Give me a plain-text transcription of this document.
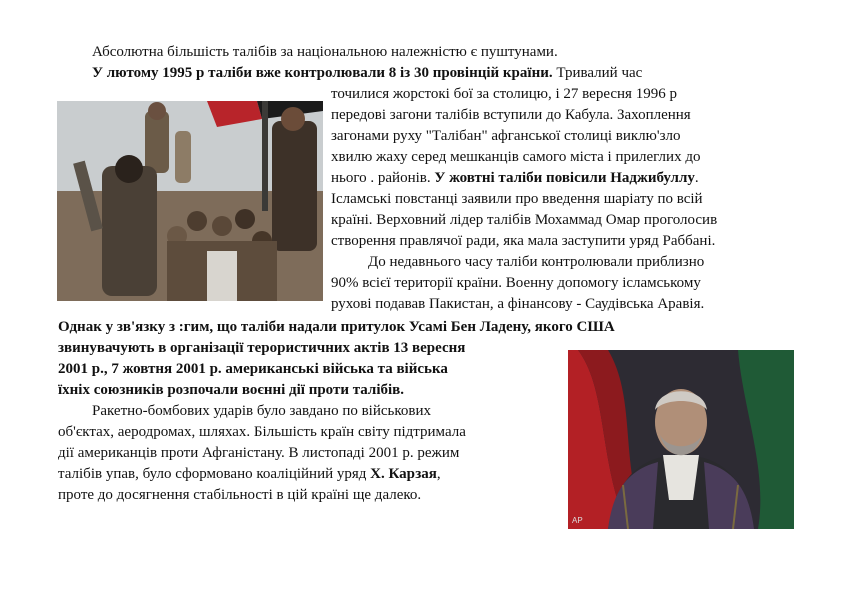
AP
Абсолютна більшість талібів за національною належністю є пуштунами.
У лютому 1995 р таліби вже контролювали 8 із 30 провінцій країни. Тривалий час
точилися жорстокі бої за столицю, і 27 вересня 1996 р
передові загони талібів вступили до Кабула. Захоплення
загонами руху "Талібан" афганської столиці виклю'зло
хвилю жаху серед мешканців самого міста і прилеглих до
нього . районів. У жовтні таліби повісили Наджибуллу.
Ісламські повстанці заявили про введення шаріату по всій
країні. Верховний лідер талібів Мохаммад Омар проголосив
створення правлячої ради, яка мала заступити уряд Раббані.
До недавнього часу таліби контролювали приблизно
90% всієї території країни. Военну допомогу ісламському
рухові подавав Пакистан, а фінансову - Саудівська Аравія.
Однак у зв'язку з :гим, що таліби надали притулок Усамі Бен Ладену, якого США
звинувачують в організації терористичних актів 13 вересня
2001 р., 7 жовтня 2001 р. американські війська та війська
їхніх союзників розпочали воєнні дії проти талібів.
Ракетно-бомбових ударів було завдано по військових
об'єктах, аеродромах, шляхах. Більшість країн світу підтримала
дії американців проти Афганістану. В листопаді 2001 р. режим
талібів упав, було сформовано коаліційний уряд Х. Карзая,
проте до досягнення стабільності в цій країні ще далеко.
